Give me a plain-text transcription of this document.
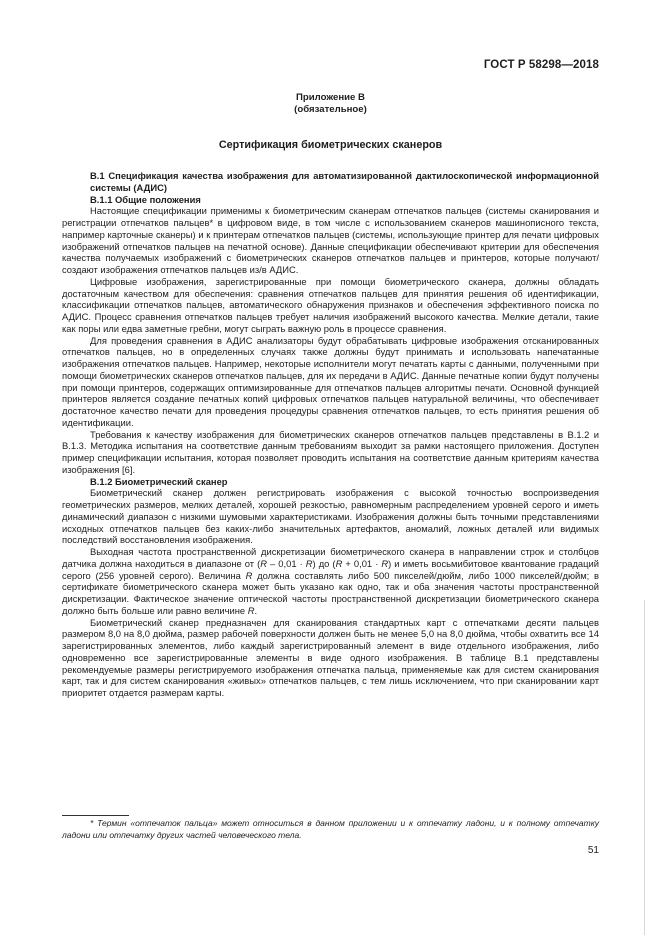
ГОСТ Р 58298—2018
Приложение В
(обязательное)
Сертификация биометрических сканеров

В.1 Спецификация качества изображения для автоматизированной дактилоскопической информационной системы (АДИС)

В.1.1 Общие положения

Настоящие спецификации применимы к биометрическим сканерам отпечатков пальцев (системы сканирования и регистрации отпечатков пальцев* в цифровом виде, в том числе с использованием сканеров машинописного текста, например карточные сканеры) и к принтерам отпечатков пальцев (системы, использующие принтер для печати цифровых изображений отпечатков пальцев на печатной основе). Данные спецификации обеспечивают критерии для обеспечения качества получаемых изображений с биометрических сканеров отпечатков пальцев и принтеров, которые получают/создают изображения отпечатков пальцев из/в АДИС.

Цифровые изображения, зарегистрированные при помощи биометрического сканера, должны обладать достаточным качеством для обеспечения: сравнения отпечатков пальцев для принятия решения об идентификации, классификации отпечатков пальцев, автоматического обнаружения признаков и обеспечения эффективного поиска по АДИС. Процесс сравнения отпечатков пальцев требует наличия изображений высокого качества. Мелкие детали, такие как поры или едва заметные гребни, могут сыграть важную роль в процессе сравнения.

Для проведения сравнения в АДИС анализаторы будут обрабатывать цифровые изображения отсканированных отпечатков пальцев, но в определенных случаях также должны будут принимать и использовать напечатанные изображения отпечатков пальцев. Например, некоторые исполнители могут печатать карты с данными, полученными при помощи биометрических сканеров отпечатков пальцев, для их передачи в АДИС. Данные печатные копии будут получены при помощи принтеров, содержащих оптимизированные для отпечатков пальцев алгоритмы печати. Основной функцией принтеров является создание печатных копий цифровых отпечатков пальцев натуральной величины, что обеспечивает достаточное качество печати для проведения процедуры сравнения отпечатков пальцев, то есть принятия решения об идентификации.

Требования к качеству изображения для биометрических сканеров отпечатков пальцев представлены в В.1.2 и В.1.3. Методика испытания на соответствие данным требованиям выходит за рамки настоящего приложения. Доступен пример спецификации испытания, которая позволяет проводить испытания на соответствие данным критериям качества изображения [6].

В.1.2 Биометрический сканер

Биометрический сканер должен регистрировать изображения с высокой точностью воспроизведения геометрических размеров, мелких деталей, хорошей резкостью, равномерным распределением уровней серого и иметь динамический диапазон с низкими шумовыми характеристиками. Изображения должны быть точными представлениями исходных отпечатков пальцев без каких-либо значительных артефактов, аномалий, ложных деталей или видимых последствий восстановления изображения.

Выходная частота пространственной дискретизации биометрического сканера в направлении строк и столбцов датчика должна находиться в диапазоне от (R – 0,01 · R) до (R + 0,01 · R) и иметь восьмибитовое квантование градаций серого (256 уровней серого). Величина R должна составлять либо 500 пикселей/дюйм, либо 1000 пикселей/дюйм; в сертификате биометрического сканера может быть указано как одно, так и оба значения частоты пространственной дискретизации. Фактическое значение оптической частоты пространственной дискретизации биометрического сканера должно быть больше или равно величине R.

Биометрический сканер предназначен для сканирования стандартных карт с отпечатками десяти пальцев размером 8,0 на 8,0 дюйма, размер рабочей поверхности должен быть не менее 5,0 на 8,0 дюйма, чтобы охватить все 14 зарегистрированных элементов, либо каждый зарегистрированный элемент в виде отдельного изображения, либо одновременно все зарегистрированные элементы в виде одного изображения. В таблице В.1 представлены рекомендуемые размеры регистрируемого изображения отпечатка пальца, применяемые как для систем сканирования карт, так и для систем сканирования «живых» отпечатков пальцев, с тем лишь исключением, что при сканировании карт приоритет отдается размерам карты.

* Термин «отпечаток пальца» может относиться в данном приложении и к отпечатку ладони, и к полному отпечатку ладони или отпечатку других частей человеческого тела.
51
